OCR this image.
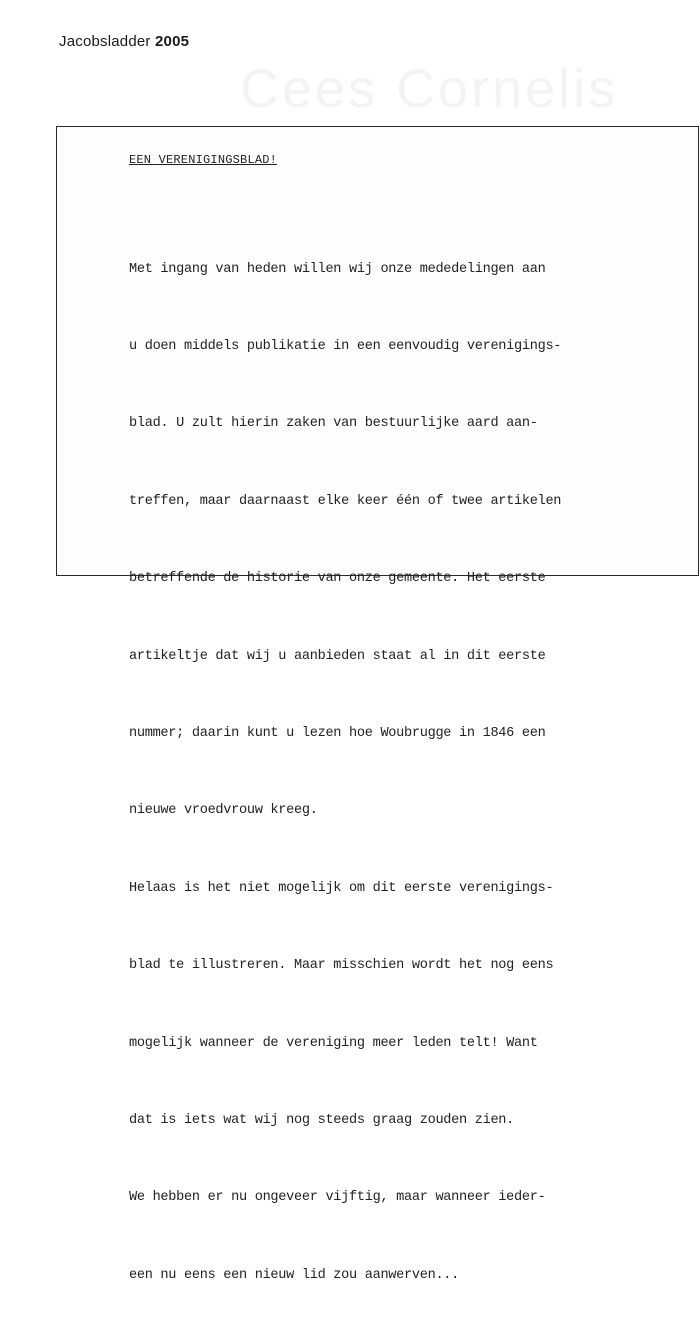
Jacobsladder 2005
Cees Cornelis
EEN VERENIGINGSBLAD!

Met ingang van heden willen wij onze mededelingen aan

u doen middels publikatie in een eenvoudig verenigings-

blad. U zult hierin zaken van bestuurlijke aard aan-

treffen, maar daarnaast elke keer één of twee artikelen

betreffende de historie van onze gemeente. Het eerste

artikeltje dat wij u aanbieden staat al in dit eerste

nummer; daarin kunt u lezen hoe Woubrugge in 1846 een

nieuwe vroedvrouw kreeg.

Helaas is het niet mogelijk om dit eerste verenigings-

blad te illustreren. Maar misschien wordt het nog eens

mogelijk wanneer de vereniging meer leden telt! Want

dat is iets wat wij nog steeds graag zouden zien.

We hebben er nu ongeveer vijftig, maar wanneer ieder-

een nu eens een nieuw lid zou aanwerven...
